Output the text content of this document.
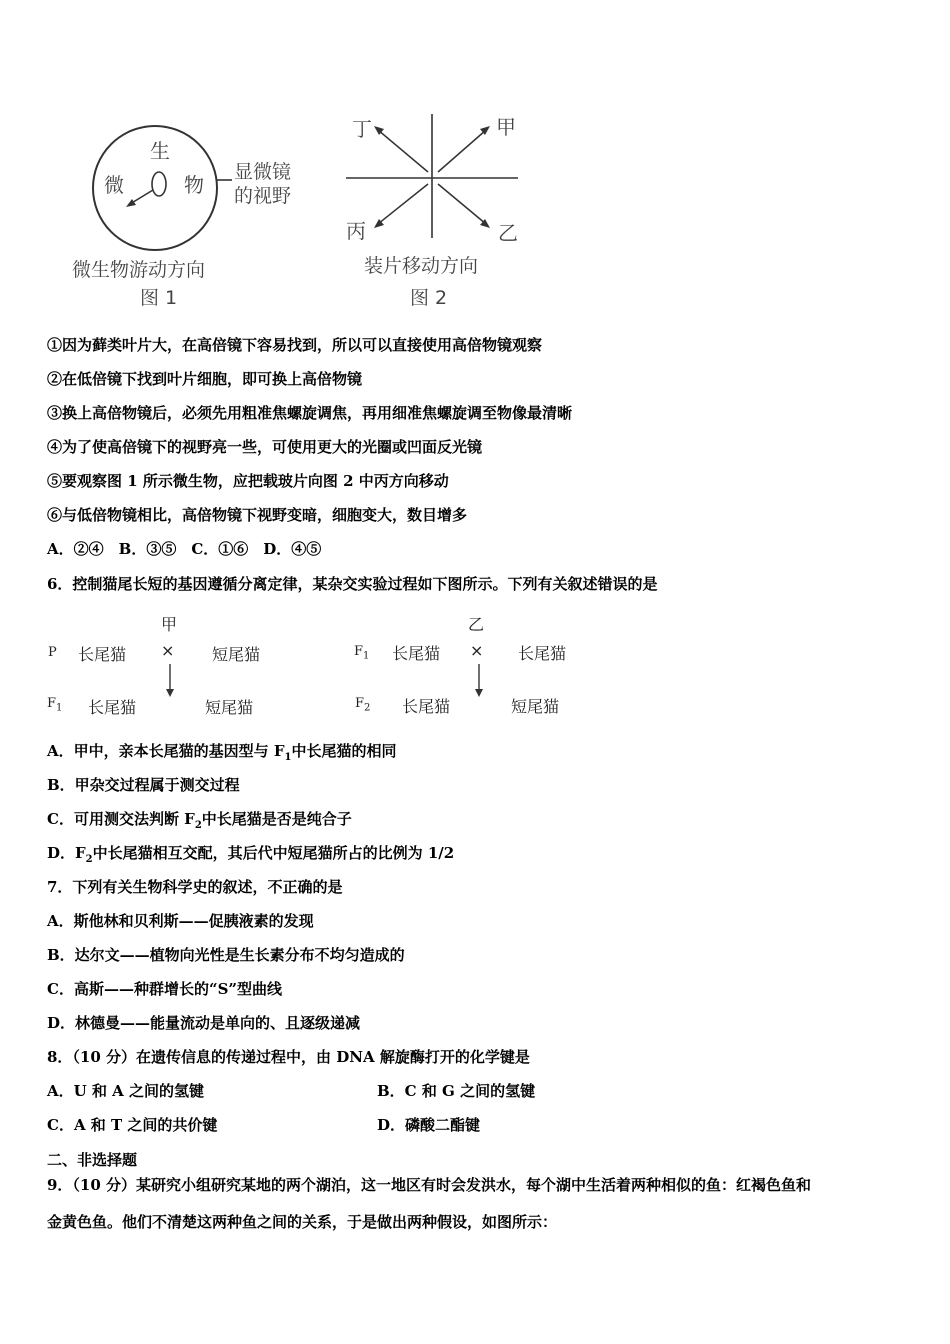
生
微	物
显微镜
的视野
微生物游动方向
图 1
丁	甲
丙	乙
装片移动方向
图 2
①因为藓类叶片大，在高倍镜下容易找到，所以可以直接使用高倍物镜观察
②在低倍镜下找到叶片细胞，即可换上高倍物镜
③换上高倍物镜后，必须先用粗准焦螺旋调焦，再用细准焦螺旋调至物像最清晰
④为了使高倍镜下的视野亮一些，可使用更大的光圈或凹面反光镜
⑤要观察图 1 所示微生物，应把载玻片向图 2 中丙方向移动
⑥与低倍物镜相比，高倍物镜下视野变暗，细胞变大，数目增多
A．②④　B．③⑤　C．①⑥　D．④⑤
6．控制猫尾长短的基因遵循分离定律，某杂交实验过程如下图所示。下列有关叙述错误的是
甲
P 长尾猫 × 短尾猫
$F_1$ 长尾猫	短尾猫
乙
$F_1$ 长尾猫 × 长尾猫
$F_2$ 长尾猫	短尾猫
A．甲中，亲本长尾猫的基因型与 $F_1$中长尾猫的相同
B．甲杂交过程属于测交过程
C．可用测交法判断 $F_2$中长尾猫是否是纯合子
D．$F_2$中长尾猫相互交配，其后代中短尾猫所占的比例为 1/2
7．下列有关生物科学史的叙述，不正确的是
A．斯他林和贝利斯——促胰液素的发现
B．达尔文——植物向光性是生长素分布不均匀造成的
C．高斯——种群增长的“S”型曲线
D．林德曼——能量流动是单向的、且逐级递减
8．（10 分）在遗传信息的传递过程中，由 DNA 解旋酶打开的化学键是
A．U 和 A 之间的氢键	B．C 和 G 之间的氢键
C．A 和 T 之间的共价键	D．磷酸二酯键
二、非选择题
9．（10 分）某研究小组研究某地的两个湖泊，这一地区有时会发洪水，每个湖中生活着两种相似的鱼：红褐色鱼和
金黄色鱼。他们不清楚这两种鱼之间的关系，于是做出两种假设，如图所示：
